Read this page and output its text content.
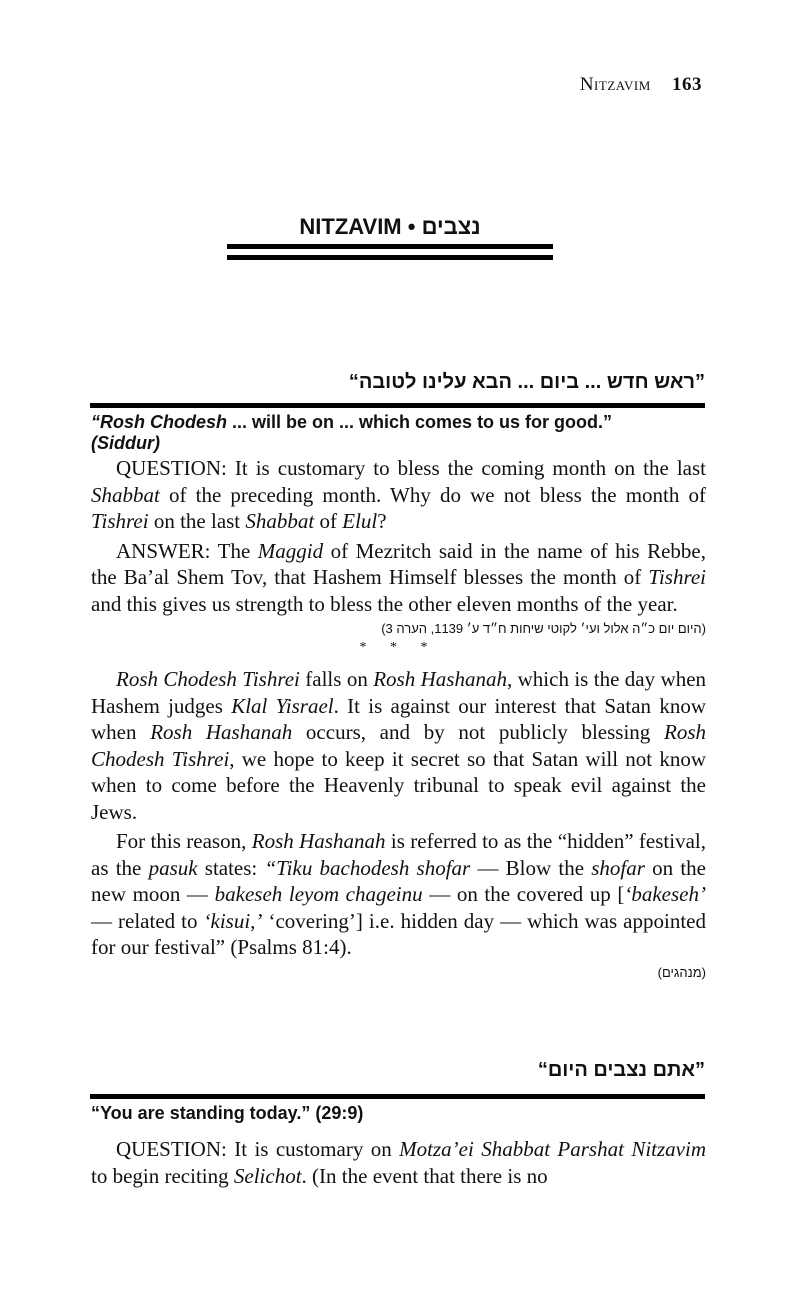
Nitzavim 163
NITZAVIM • נצבים
”ראש חדש ... ביום ... הבא עלינו לטובה“
“Rosh Chodesh ... will be on ... which comes to us for good.”
(Siddur)

QUESTION: It is customary to bless the coming month on the last Shabbat of the preceding month. Why do we not bless the month of Tishrei on the last Shabbat of Elul?

ANSWER: The Maggid of Mezritch said in the name of his Rebbe, the Ba’al Shem Tov, that Hashem Himself blesses the month of Tishrei and this gives us strength to bless the other eleven months of the year.

(היום יום כ״ה אלול ועי׳ לקוטי שיחות ח״ד ע׳ 1139, הערה 3)
* * *

Rosh Chodesh Tishrei falls on Rosh Hashanah, which is the day when Hashem judges Klal Yisrael. It is against our interest that Satan know when Rosh Hashanah occurs, and by not publicly blessing Rosh Chodesh Tishrei, we hope to keep it secret so that Satan will not know when to come before the Heavenly tribunal to speak evil against the Jews.

For this reason, Rosh Hashanah is referred to as the “hidden” festival, as the pasuk states: “Tiku bachodesh shofar — Blow the shofar on the new moon — bakeseh leyom chageinu — on the covered up [‘bakeseh’ — related to ‘kisui,’ ‘covering’] i.e. hidden day — which was appointed for our festival” (Psalms 81:4).

(מנהגים)
”אתם נצבים היום“
“You are standing today.” (29:9)

QUESTION: It is customary on Motza’ei Shabbat Parshat Nitzavim to begin reciting Selichot. (In the event that there is no
